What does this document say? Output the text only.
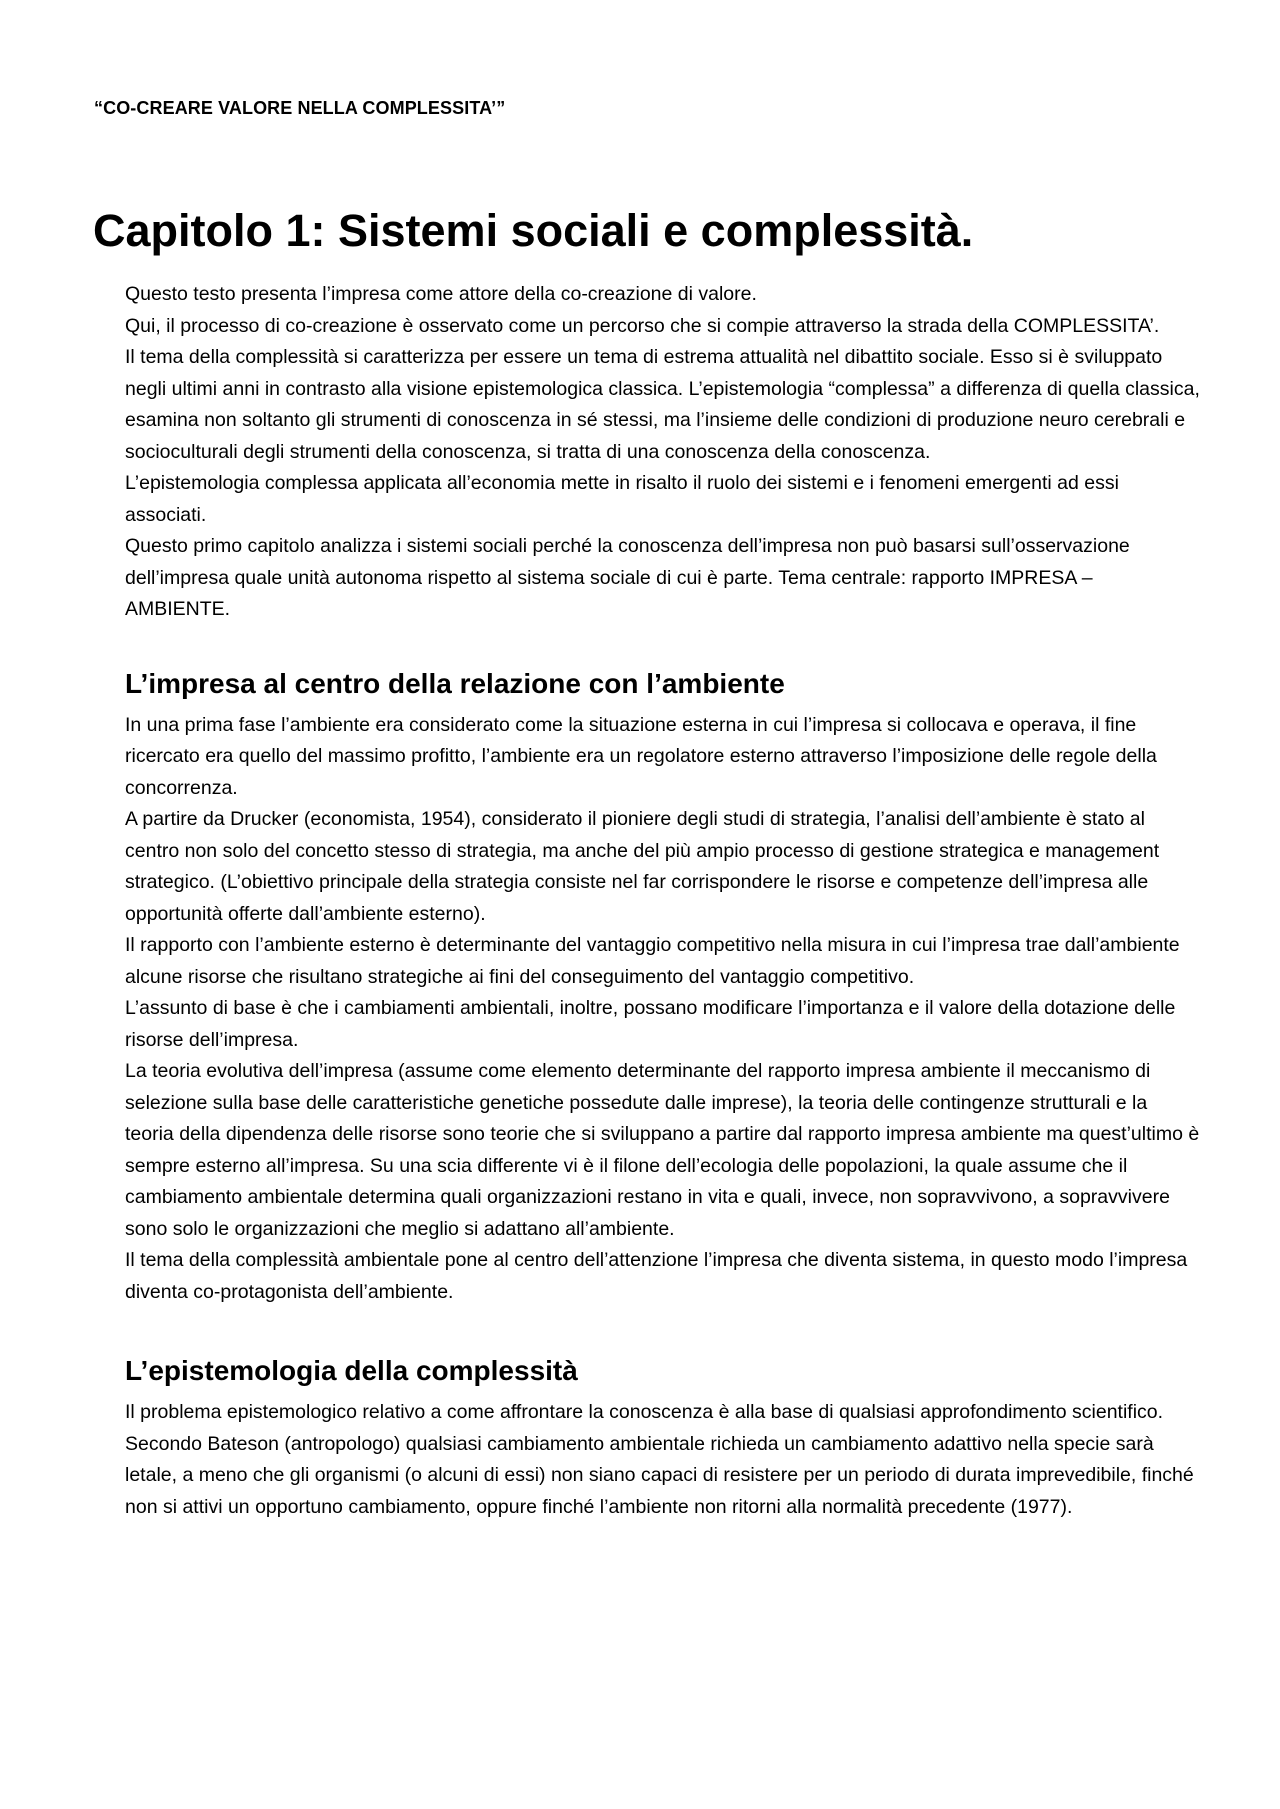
“CO-CREARE VALORE NELLA COMPLESSITA’”
Capitolo 1: Sistemi sociali e complessità.

Questo testo presenta l’impresa come attore della co-creazione di valore.

Qui, il processo di co-creazione è osservato come un percorso che si compie attraverso la strada della COMPLESSITA’.

Il tema della complessità si caratterizza per essere un tema di estrema attualità nel dibattito sociale. Esso si è sviluppato negli ultimi anni in contrasto alla visione epistemologica classica. L’epistemologia “complessa” a differenza di quella classica, esamina non soltanto gli strumenti di conoscenza in sé stessi, ma l’insieme delle condizioni di produzione neuro cerebrali e socioculturali degli strumenti della conoscenza, si tratta di una conoscenza della conoscenza.

L’epistemologia complessa applicata all’economia mette in risalto il ruolo dei sistemi e i fenomeni emergenti ad essi associati.

Questo primo capitolo analizza i sistemi sociali perché la conoscenza dell’impresa non può basarsi sull’osservazione dell’impresa quale unità autonoma rispetto al sistema sociale di cui è parte. Tema centrale: rapporto IMPRESA – AMBIENTE.

L’impresa al centro della relazione con l’ambiente

In una prima fase l’ambiente era considerato come la situazione esterna in cui l’impresa si collocava e operava, il fine ricercato era quello del massimo profitto, l’ambiente era un regolatore esterno attraverso l’imposizione delle regole della concorrenza.

A partire da Drucker (economista, 1954), considerato il pioniere degli studi di strategia, l’analisi dell’ambiente è stato al centro non solo del concetto stesso di strategia, ma anche del più ampio processo di gestione strategica e management strategico. (L’obiettivo principale della strategia consiste nel far corrispondere le risorse e competenze dell’impresa alle opportunità offerte dall’ambiente esterno).

Il rapporto con l’ambiente esterno è determinante del vantaggio competitivo nella misura in cui l’impresa trae dall’ambiente alcune risorse che risultano strategiche ai fini del conseguimento del vantaggio competitivo.

L’assunto di base è che i cambiamenti ambientali, inoltre, possano modificare l’importanza e il valore della dotazione delle risorse dell’impresa.

La teoria evolutiva dell’impresa (assume come elemento determinante del rapporto impresa ambiente il meccanismo di selezione sulla base delle caratteristiche genetiche possedute dalle imprese), la teoria delle contingenze strutturali e la teoria della dipendenza delle risorse sono teorie che si sviluppano a partire dal rapporto impresa ambiente ma quest’ultimo è sempre esterno all’impresa. Su una scia differente vi è il filone dell’ecologia delle popolazioni, la quale assume che il cambiamento ambientale determina quali organizzazioni restano in vita e quali, invece, non sopravvivono, a sopravvivere sono solo le organizzazioni che meglio si adattano all’ambiente.

Il tema della complessità ambientale pone al centro dell’attenzione l’impresa che diventa sistema, in questo modo l’impresa diventa co-protagonista dell’ambiente.

L’epistemologia della complessità

Il problema epistemologico relativo a come affrontare la conoscenza è alla base di qualsiasi approfondimento scientifico.

Secondo Bateson (antropologo) qualsiasi cambiamento ambientale richieda un cambiamento adattivo nella specie sarà letale, a meno che gli organismi (o alcuni di essi) non siano capaci di resistere per un periodo di durata imprevedibile, finché non si attivi un opportuno cambiamento, oppure finché l’ambiente non ritorni alla normalità precedente (1977).
